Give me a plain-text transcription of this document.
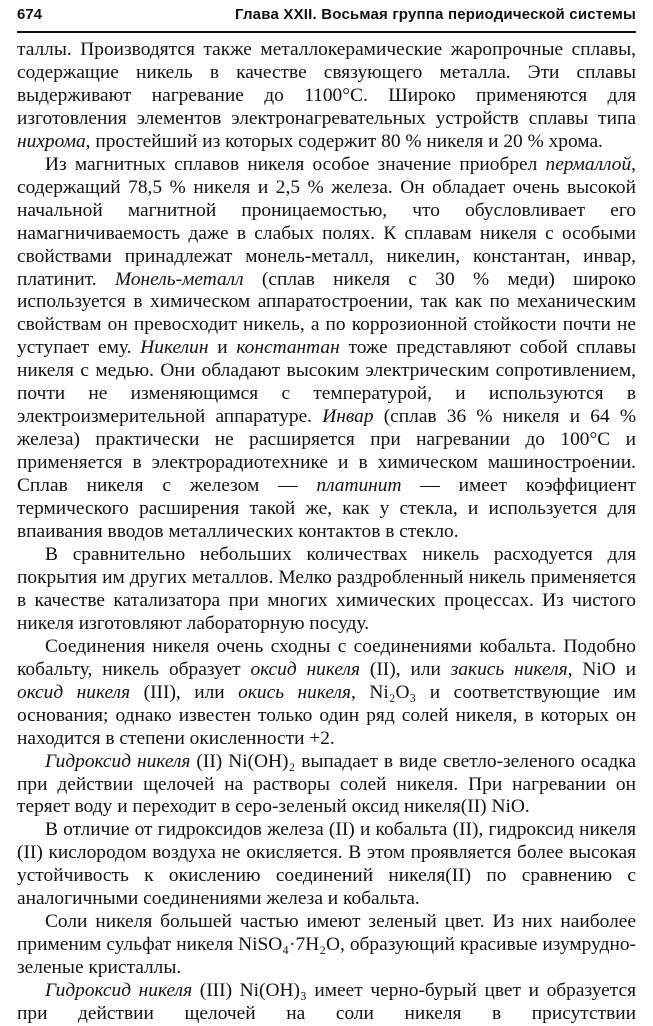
674	Глава XXII. Восьмая группа периодической системы

таллы. Производятся также металлокерамические жаропрочные сплавы, содержащие никель в качестве связующего металла. Эти сплавы выдерживают нагревание до 1100°C. Широко применяются для изготовления элементов электронагревательных устройств сплавы типа нихрома, простейший из которых содержит 80 % никеля и 20 % хрома.

Из магнитных сплавов никеля особое значение приобрел пермаллой, содержащий 78,5 % никеля и 2,5 % железа. Он обладает очень высокой начальной магнитной проницаемостью, что обусловливает его намагничиваемость даже в слабых полях. К сплавам никеля с особыми свойствами принадлежат монель-металл, никелин, константан, инвар, платинит. Монель-металл (сплав никеля с 30 % меди) широко используется в химическом аппаратостроении, так как по механическим свойствам он превосходит никель, а по коррозионной стойкости почти не уступает ему. Никелин и константан тоже представляют собой сплавы никеля с медью. Они обладают высоким электрическим сопротивлением, почти не изменяющимся с температурой, и используются в электроизмерительной аппаратуре. Инвар (сплав 36 % никеля и 64 % железа) практически не расширяется при нагревании до 100°C и применяется в электрорадиотехнике и в химическом машиностроении. Сплав никеля с железом — платинит — имеет коэффициент термического расширения такой же, как у стекла, и используется для впаивания вводов металлических контактов в стекло.

В сравнительно небольших количествах никель расходуется для покрытия им других металлов. Мелко раздробленный никель применяется в качестве катализатора при многих химических процессах. Из чистого никеля изготовляют лабораторную посуду.

Соединения никеля очень сходны с соединениями кобальта. Подобно кобальту, никель образует оксид никеля (II), или закись никеля, NiO и оксид никеля (III), или окись никеля, Ni₂O₃ и соответствующие им основания; однако известен только один ряд солей никеля, в которых он находится в степени окисленности +2.

Гидроксид никеля (II) Ni(OH)₂ выпадает в виде светло-зеленого осадка при действии щелочей на растворы солей никеля. При нагревании он теряет воду и переходит в серо-зеленый оксид никеля(II) NiO.

В отличие от гидроксидов железа (II) и кобальта (II), гидроксид никеля (II) кислородом воздуха не окисляется. В этом проявляется более высокая устойчивость к окислению соединений никеля(II) по сравнению с аналогичными соединениями железа и кобальта.

Соли никеля большей частью имеют зеленый цвет. Из них наиболее применим сульфат никеля NiSO₄·7H₂O, образующий красивые изумрудно-зеленые кристаллы.

Гидроксид никеля (III) Ni(OH)₃ имеет черно-бурый цвет и образуется при действии щелочей на соли никеля в присутствии
